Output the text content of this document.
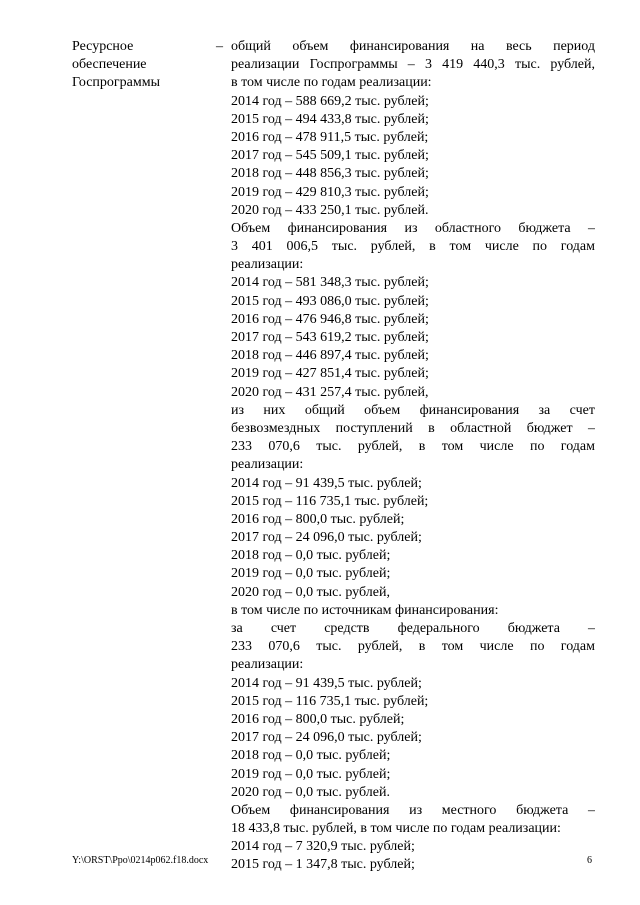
Ресурсное
обеспечение
Госпрограммы
– общий объем финансирования на весь период
реализации Госпрограммы – 3 419 440,3 тыс. рублей,
в том числе по годам реализации:
2014 год – 588 669,2 тыс. рублей;
2015 год – 494 433,8 тыс. рублей;
2016 год – 478 911,5 тыс. рублей;
2017 год – 545 509,1 тыс. рублей;
2018 год – 448 856,3 тыс. рублей;
2019 год – 429 810,3 тыс. рублей;
2020 год – 433 250,1 тыс. рублей.
Объем финансирования из областного бюджета –
3 401 006,5 тыс. рублей, в том числе по годам
реализации:
2014 год – 581 348,3 тыс. рублей;
2015 год – 493 086,0 тыс. рублей;
2016 год – 476 946,8 тыс. рублей;
2017 год – 543 619,2 тыс. рублей;
2018 год – 446 897,4 тыс. рублей;
2019 год – 427 851,4 тыс. рублей;
2020 год – 431 257,4 тыс. рублей,
из них общий объем финансирования за счет
безвозмездных поступлений в областной бюджет –
233 070,6 тыс. рублей, в том числе по годам
реализации:
2014 год – 91 439,5 тыс. рублей;
2015 год – 116 735,1 тыс. рублей;
2016 год – 800,0 тыс. рублей;
2017 год – 24 096,0 тыс. рублей;
2018 год – 0,0 тыс. рублей;
2019 год – 0,0 тыс. рублей;
2020 год – 0,0 тыс. рублей,
в том числе по источникам финансирования:
за счет средств федерального бюджета –
233 070,6 тыс. рублей, в том числе по годам
реализации:
2014 год – 91 439,5 тыс. рублей;
2015 год – 116 735,1 тыс. рублей;
2016 год – 800,0 тыс. рублей;
2017 год – 24 096,0 тыс. рублей;
2018 год – 0,0 тыс. рублей;
2019 год – 0,0 тыс. рублей;
2020 год – 0,0 тыс. рублей.
Объем финансирования из местного бюджета –
18 433,8 тыс. рублей, в том числе по годам реализации:
2014 год – 7 320,9 тыс. рублей;
2015 год – 1 347,8 тыс. рублей;
Y:\ORST\Ppo\0214p062.f18.docx	6
